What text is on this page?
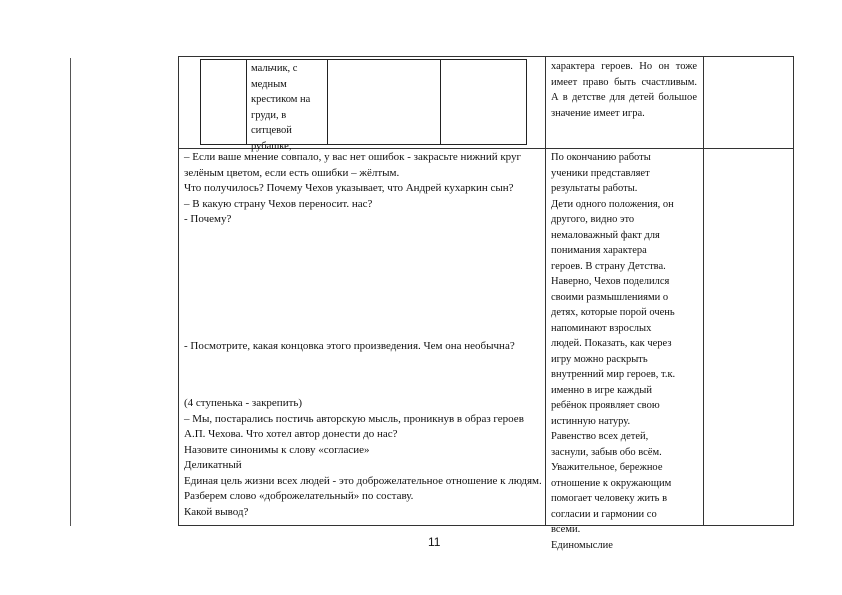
мальчик, с
медным
крестиком на
груди, в
ситцевой
рубашке,
характера героев. Но он тоже имеет право быть счастливым. А в детстве для детей большое значение имеет игра.
– Если ваше мнение совпало, у вас нет ошибок - закрасьте нижний круг зелёным цветом, если есть ошибки – жёлтым.
Что получилось? Почему Чехов указывает, что Андрей кухаркин сын?
– В какую страну Чехов переносит. нас?
- Почему?
- Посмотрите, какая концовка этого произведения. Чем она необычна?
(4 ступенька - закрепить)
– Мы, постарались постичь авторскую мысль, проникнув в образ героев А.П. Чехова. Что хотел автор донести до нас?
Назовите синонимы к слову «согласие»
Деликатный
Единая цель жизни всех людей - это доброжелательное отношение к людям.
Разберем слово «доброжелательный» по составу.
Какой вывод?
По окончанию работы
ученики представляет
результаты работы.
Дети одного положения, он
другого, видно это
немаловажный факт для
понимания характера
героев. В страну Детства.
Наверно, Чехов поделился
своими размышлениями о
детях, которые порой очень
напоминают взрослых
людей. Показать, как через
игру можно раскрыть
внутренний мир героев, т.к.
именно в игре каждый
ребёнок проявляет свою
истинную натуру.
Равенство всех детей,
заснули, забыв обо всём.
Уважительное, бережное
отношение к окружающим
помогает человеку жить в
согласии и гармонии со
всеми.
Единомыслие
11
